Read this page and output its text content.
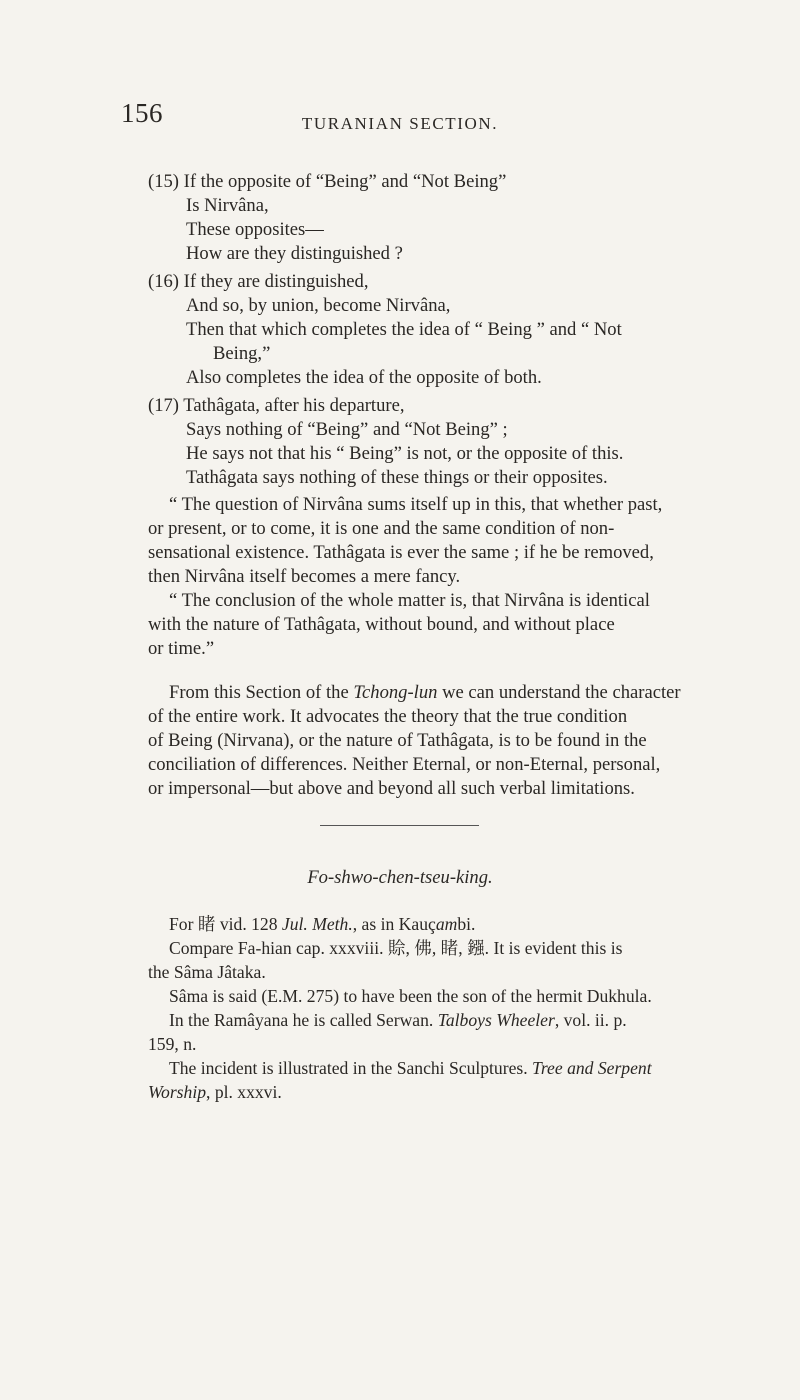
156	TURANIAN SECTION.
(15) If the opposite of “Being” and “Not Being”
Is Nirvâna,
These opposites—
How are they distinguished ?
(16) If they are distinguished,
And so, by union, become Nirvâna,
Then that which completes the idea of “ Being ” and “ Not
Being,”
Also completes the idea of the opposite of both.
(17) Tathâgata, after his departure,
Says nothing of “Being” and “Not Being” ;
He says not that his “ Being” is not, or the opposite of this.
Tathâgata says nothing of these things or their opposites.
“ The question of Nirvâna sums itself up in this, that whether past,
or present, or to come, it is one and the same condition of non-
sensational existence. Tathâgata is ever the same ; if he be removed,
then Nirvâna itself becomes a mere fancy.
“ The conclusion of the whole matter is, that Nirvâna is identical
with the nature of Tathâgata, without bound, and without place
or time.”
From this Section of the Tchong-lun we can understand the character
of the entire work. It advocates the theory that the true condition
of Being (Nirvana), or the nature of Tathâgata, is to be found in the
conciliation of differences. Neither Eternal, or non-Eternal, personal,
or impersonal—but above and beyond all such verbal limitations.
Fo-shwo-chen-tseu-king.
For 睹 vid. 128 Jul. Meth., as in Kauçambi.
Compare Fa-hian cap. xxxviii. 賒, 佛, 睹, 鏹. It is evident this is
the Sâma Jâtaka.
Sâma is said (E.M. 275) to have been the son of the hermit Dukhula.
In the Ramâyana he is called Serwan. Talboys Wheeler, vol. ii. p.
159, n.
The incident is illustrated in the Sanchi Sculptures. Tree and Serpent
Worship, pl. xxxvi.
